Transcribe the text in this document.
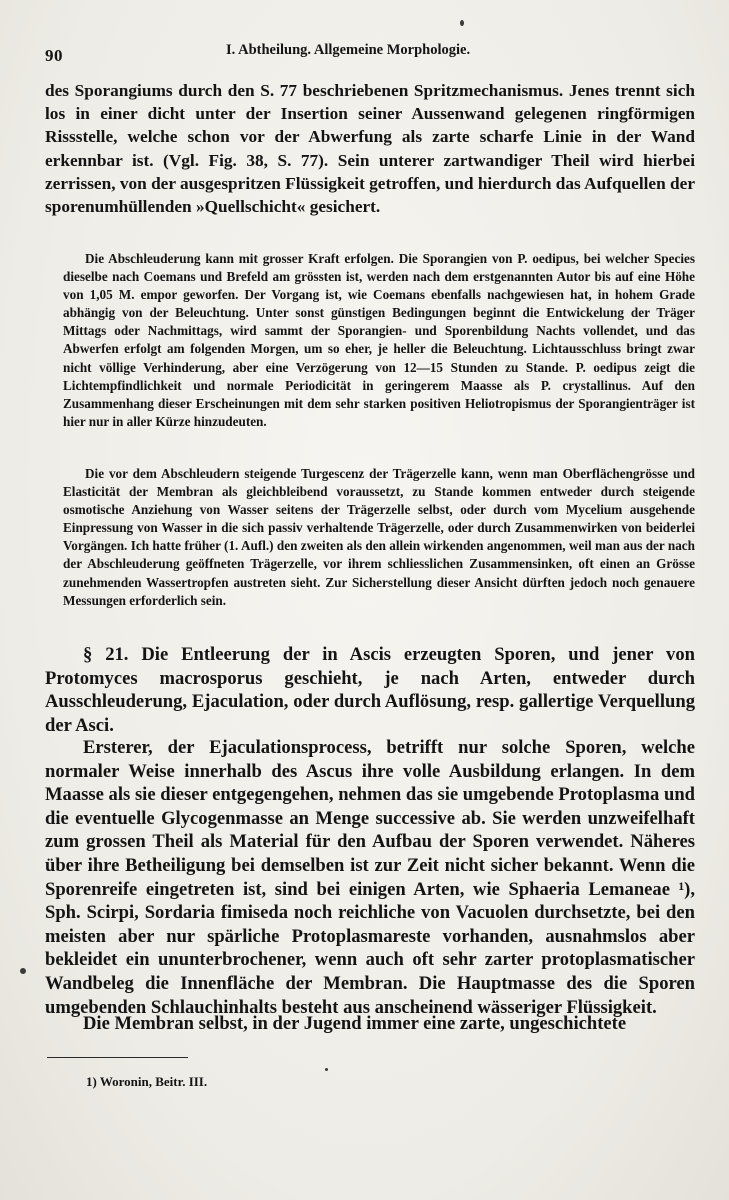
90	I. Abtheilung. Allgemeine Morphologie.

des Sporangiums durch den S. 77 beschriebenen Spritzmechanismus. Jenes trennt sich los in einer dicht unter der Insertion seiner Aussenwand gelegenen ringförmigen Rissstelle, welche schon vor der Abwerfung als zarte scharfe Linie in der Wand erkennbar ist. (Vgl. Fig. 38, S. 77). Sein unterer zartwandiger Theil wird hierbei zerrissen, von der ausgespritzen Flüssigkeit getroffen, und hierdurch das Aufquellen der sporenumhüllenden »Quellschicht« gesichert.

Die Abschleuderung kann mit grosser Kraft erfolgen. Die Sporangien von P. oedipus, bei welcher Species dieselbe nach Coemans und Brefeld am grössten ist, werden nach dem erstgenannten Autor bis auf eine Höhe von 1,05 M. empor geworfen. Der Vorgang ist, wie Coemans ebenfalls nachgewiesen hat, in hohem Grade abhängig von der Beleuchtung. Unter sonst günstigen Bedingungen beginnt die Entwickelung der Träger Mittags oder Nachmittags, wird sammt der Sporangien- und Sporenbildung Nachts vollendet, und das Abwerfen erfolgt am folgenden Morgen, um so eher, je heller die Beleuchtung. Lichtausschluss bringt zwar nicht völlige Verhinderung, aber eine Verzögerung von 12—15 Stunden zu Stande. P. oedipus zeigt die Lichtempfindlichkeit und normale Periodicität in geringerem Maasse als P. crystallinus. Auf den Zusammenhang dieser Erscheinungen mit dem sehr starken positiven Heliotropismus der Sporangienträger ist hier nur in aller Kürze hinzudeuten.

Die vor dem Abschleudern steigende Turgescenz der Trägerzelle kann, wenn man Oberflächengrösse und Elasticität der Membran als gleichbleibend voraussetzt, zu Stande kommen entweder durch steigende osmotische Anziehung von Wasser seitens der Trägerzelle selbst, oder durch vom Mycelium ausgehende Einpressung von Wasser in die sich passiv verhaltende Trägerzelle, oder durch Zusammenwirken von beiderlei Vorgängen. Ich hatte früher (1. Aufl.) den zweiten als den allein wirkenden angenommen, weil man aus der nach der Abschleuderung geöffneten Trägerzelle, vor ihrem schliesslichen Zusammensinken, oft einen an Grösse zunehmenden Wassertropfen austreten sieht. Zur Sicherstellung dieser Ansicht dürften jedoch noch genauere Messungen erforderlich sein.

§ 21. Die Entleerung der in Ascis erzeugten Sporen, und jener von Protomyces macrosporus geschieht, je nach Arten, entweder durch Ausschleuderung, Ejaculation, oder durch Auflösung, resp. gallertige Verquellung der Asci.

Ersterer, der Ejaculationsprocess, betrifft nur solche Sporen, welche normaler Weise innerhalb des Ascus ihre volle Ausbildung erlangen. In dem Maasse als sie dieser entgegengehen, nehmen das sie umgebende Protoplasma und die eventuelle Glycogenmasse an Menge successive ab. Sie werden unzweifelhaft zum grossen Theil als Material für den Aufbau der Sporen verwendet. Näheres über ihre Betheiligung bei demselben ist zur Zeit nicht sicher bekannt. Wenn die Sporenreife eingetreten ist, sind bei einigen Arten, wie Sphaeria Lemaneae ¹), Sph. Scirpi, Sordaria fimiseda noch reichliche von Vacuolen durchsetzte, bei den meisten aber nur spärliche Protoplasmareste vorhanden, ausnahmslos aber bekleidet ein ununterbrochener, wenn auch oft sehr zarter protoplasmatischer Wandbeleg die Innenfläche der Membran. Die Hauptmasse des die Sporen umgebenden Schlauchinhalts besteht aus anscheinend wässeriger Flüssigkeit.

Die Membran selbst, in der Jugend immer eine zarte, ungeschichtete

1) Woronin, Beitr. III.
